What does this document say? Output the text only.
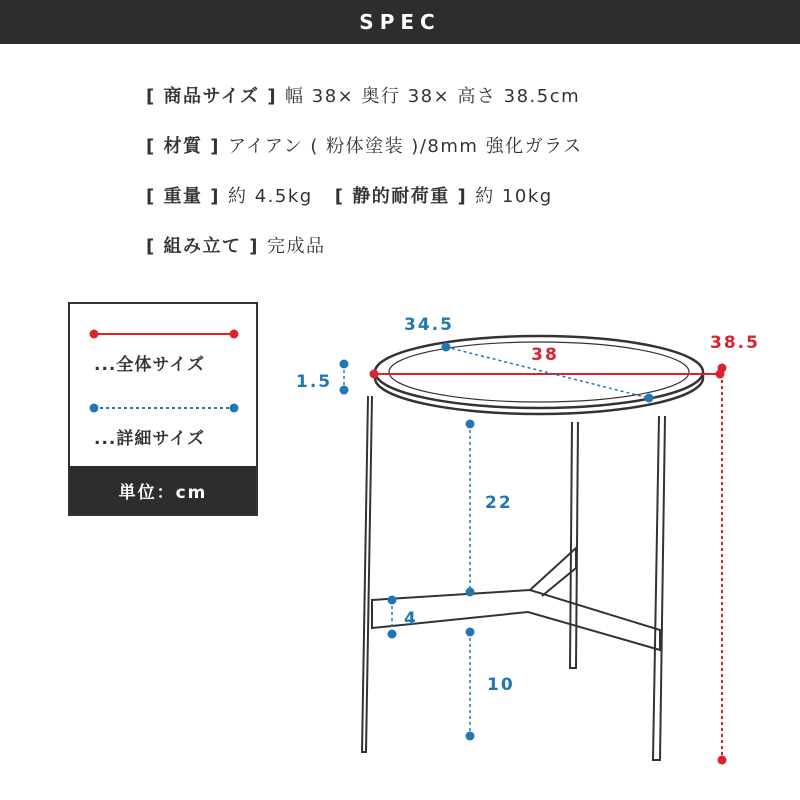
SPEC
[ 商品サイズ ] 幅 38× 奥行 38× 高さ 38.5cm
[ 材質 ] アイアン ( 粉体塗装 )/8mm 強化ガラス
[ 重量 ] 約 4.5kg [ 静的耐荷重 ] 約 10kg
[ 組み立て ] 完成品
...全体サイズ
...詳細サイズ
単位：cm
38
38.5
34.5
1.5
22
4
10
